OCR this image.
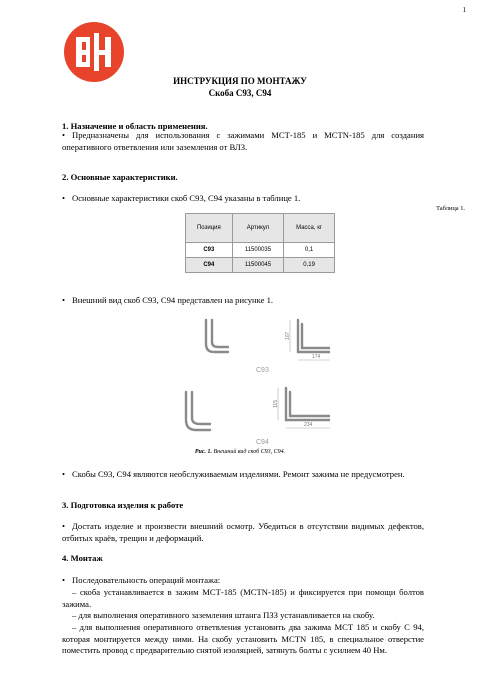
1
ИНСТРУКЦИЯ ПО МОНТАЖУ
Скоба С93, С94
1. Назначение и область применения.
• Предназначены для использования с зажимами МСТ-185 и МСТN-185 для создания оперативного ответвления или заземления от ВЛЗ.
2. Основные характеристики.
• Основные характеристики скоб С93, С94 указаны в таблице 1.
Таблица 1.
Позиция	Артикул	Масса, кг
С93	11500035	0,1
С94	11500045	0,19
• Внешний вид скоб С93, С94 представлен на рисунке 1.
107
174
115
234
С93
С94
Рис. 1. Внешний вид скоб С93, С94.
• Скобы С93, С94 являются необслуживаемым изделиями. Ремонт зажима не предусмотрен.
3. Подготовка изделия к работе
• Достать изделие и произвести внешний осмотр. Убедиться в отсутствии видимых дефектов, отбитых краёв, трещин и деформаций.
4. Монтаж
• Последовательность операций монтажа:
– скоба устанавливается в зажим МСТ-185 (МСТN-185) и фиксируется при помощи болтов зажима.
– для выполнения оперативного заземления штанга ПЗЗ устанавливается на скобу.
– для выполнения оперативного ответвления установить два зажима МСТ 185 и скобу С 94, которая монтируется между ними. На скобу установить МСТN 185, в специальное отверстие поместить провод с предварительно снятой изоляцией, затянуть болты с усилием 40 Нм.
